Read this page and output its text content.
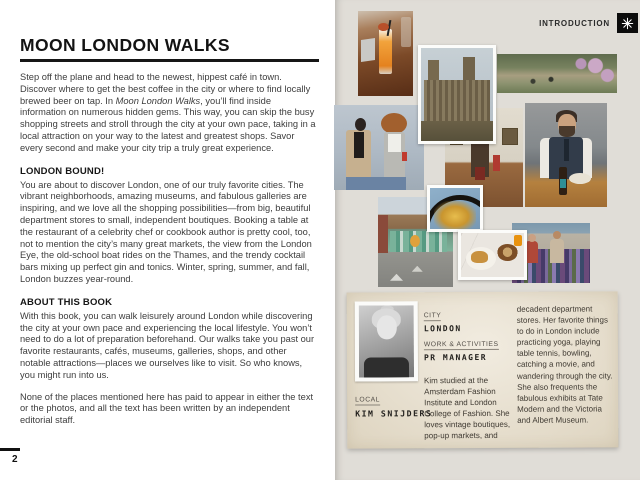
MOON LONDON WALKS

Step off the plane and head to the newest, hippest café in town. Discover where to get the best coffee in the city or where to find locally brewed beer on tap. In Moon London Walks, you’ll find inside information on numerous hidden gems. This way, you can skip the busy shopping streets and stroll through the city at your own pace, taking in a local attraction on your way to the latest and greatest shops. Savor every second and make your city trip a truly great experience.

LONDON BOUND!

You are about to discover London, one of our truly favorite cities. The vibrant neighborhoods, amazing museums, and fabulous galleries are inspiring, and we love all the shopping possibilities—from big, beautiful department stores to small, independent boutiques. Booking a table at the restaurant of a celebrity chef or cookbook author is pretty cool, too, not to mention the city’s many great markets, the view from the London Eye, the old-school boat rides on the Thames, and the trendy cocktail bars mixing up perfect gin and tonics. Winter, spring, summer, and fall, London buzzes year-round.

ABOUT THIS BOOK

With this book, you can walk leisurely around London while discovering the city at your own pace and experiencing the local lifestyle. You won’t need to do a lot of preparation beforehand. Our walks take you past our favorite restaurants, cafés, museums, galleries, shops, and other notable attractions—places we ourselves like to visit. So who knows, you might run into us.

None of the places mentioned here has paid to appear in either the text or the photos, and all the text has been written by an independent editorial staff.

2
INTRODUCTION
LOCAL
KIM SNIJDERS
CITY
LONDON
WORK & ACTIVITIES
PR MANAGER
Kim studied at the Amsterdam Fashion Institute and London College of Fashion. She loves vintage boutiques, pop-up markets, and
decadent department stores. Her favorite things to do in London include practicing yoga, playing table tennis, bowling, catching a movie, and wandering through the city. She also frequents the fabulous exhibits at Tate Modern and the Victoria and Albert Museum.
